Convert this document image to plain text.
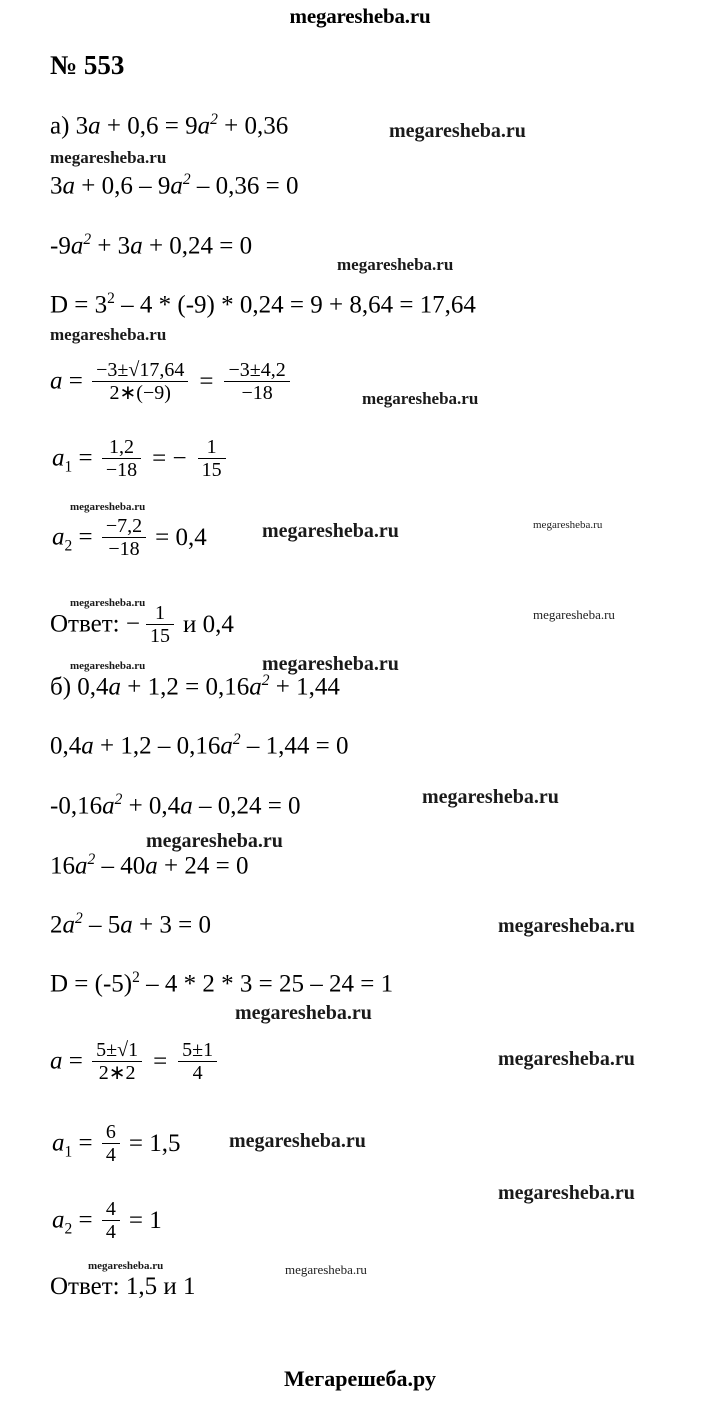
megaresheba.ru
№ 553
megaresheba.ru
megaresheba.ru
megaresheba.ru
megaresheba.ru
megaresheba.ru
megaresheba.ru
megaresheba.ru	megaresheba.ru
megaresheba.ru
megaresheba.ru
megaresheba.ru	megaresheba.ru
megaresheba.ru
megaresheba.ru
megaresheba.ru
megaresheba.ru
megaresheba.ru
megaresheba.ru
megaresheba.ru
megaresheba.ru	megaresheba.ru
а) $3a + 0,6 = 9a^2 + 0,36$
$3a + 0,6 - 9a^2 - 0,36 = 0$
$-9a^2 + 3a + 0,24 = 0$
$D = 3^2 - 4 * (-9) * 0,24 = 9 + 8,64 = 17,64$
$a = \frac{-3\pm√17,64}{2∗(-9)} = \frac{-3\pm 4,2}{-18}$
$a_1 = \frac{1,2}{-18}$ = − $\frac{1}{15}$
$a_2 = \frac{-7,2}{-18} = 0,4$
Ответ: − $\frac{1}{15}$ и 0,4
б) $0,4a + 1,2 = 0,16a^2 + 1,44$
$0,4a + 1,2 - 0,16a^2 - 1,44 = 0$
$-0,16a^2 + 0,4a - 0,24 = 0$
$16a^2 - 40a + 24 = 0$
$2a^2 - 5a + 3 = 0$
$D = (-5)^2 - 4 * 2 * 3 = 25 - 24 = 1$
$a = \frac{5\pm√1}{2∗2} = \frac{5\pm 1}{4}$
$a_1 = \frac{6}{4} = 1,5$
$a_2 = \frac{4}{4} = 1$
Ответ: 1,5 и 1
Мегарешеба.ру
